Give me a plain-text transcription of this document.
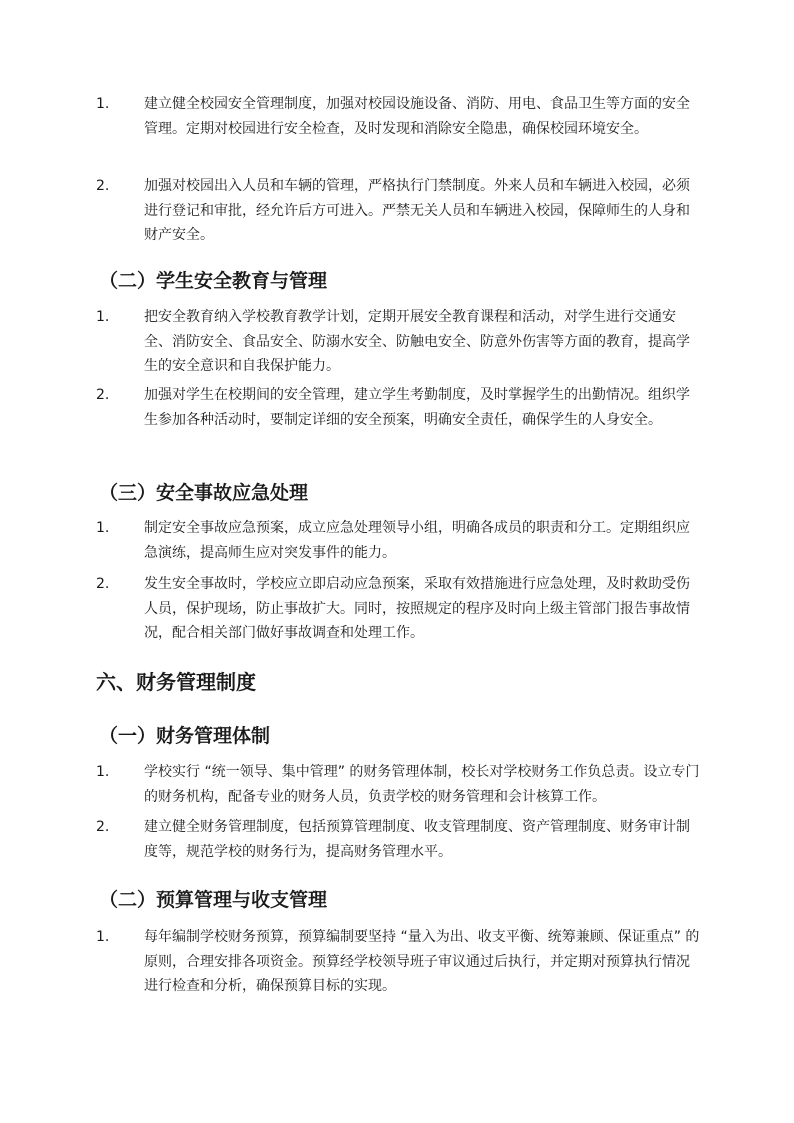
1.	建立健全校园安全管理制度，加强对校园设施设备、消防、用电、食品卫生等方面的安全管理。定期对校园进行安全检查，及时发现和消除安全隐患，确保校园环境安全。
2.	加强对校园出入人员和车辆的管理，严格执行门禁制度。外来人员和车辆进入校园，必须进行登记和审批，经允许后方可进入。严禁无关人员和车辆进入校园，保障师生的人身和财产安全。
（二）学生安全教育与管理
1.	把安全教育纳入学校教育教学计划，定期开展安全教育课程和活动，对学生进行交通安全、消防安全、食品安全、防溺水安全、防触电安全、防意外伤害等方面的教育，提高学生的安全意识和自我保护能力。
2.	加强对学生在校期间的安全管理，建立学生考勤制度，及时掌握学生的出勤情况。组织学生参加各种活动时，要制定详细的安全预案，明确安全责任，确保学生的人身安全。
（三）安全事故应急处理
1.	制定安全事故应急预案，成立应急处理领导小组，明确各成员的职责和分工。定期组织应急演练，提高师生应对突发事件的能力。
2.	发生安全事故时，学校应立即启动应急预案，采取有效措施进行应急处理，及时救助受伤人员，保护现场，防止事故扩大。同时，按照规定的程序及时向上级主管部门报告事故情况，配合相关部门做好事故调查和处理工作。
六、财务管理制度
（一）财务管理体制
1.	学校实行 “统一领导、集中管理” 的财务管理体制，校长对学校财务工作负总责。设立专门的财务机构，配备专业的财务人员，负责学校的财务管理和会计核算工作。
2.	建立健全财务管理制度，包括预算管理制度、收支管理制度、资产管理制度、财务审计制度等，规范学校的财务行为，提高财务管理水平。
（二）预算管理与收支管理
1.	每年编制学校财务预算，预算编制要坚持 “量入为出、收支平衡、统筹兼顾、保证重点” 的原则，合理安排各项资金。预算经学校领导班子审议通过后执行，并定期对预算执行情况进行检查和分析，确保预算目标的实现。
